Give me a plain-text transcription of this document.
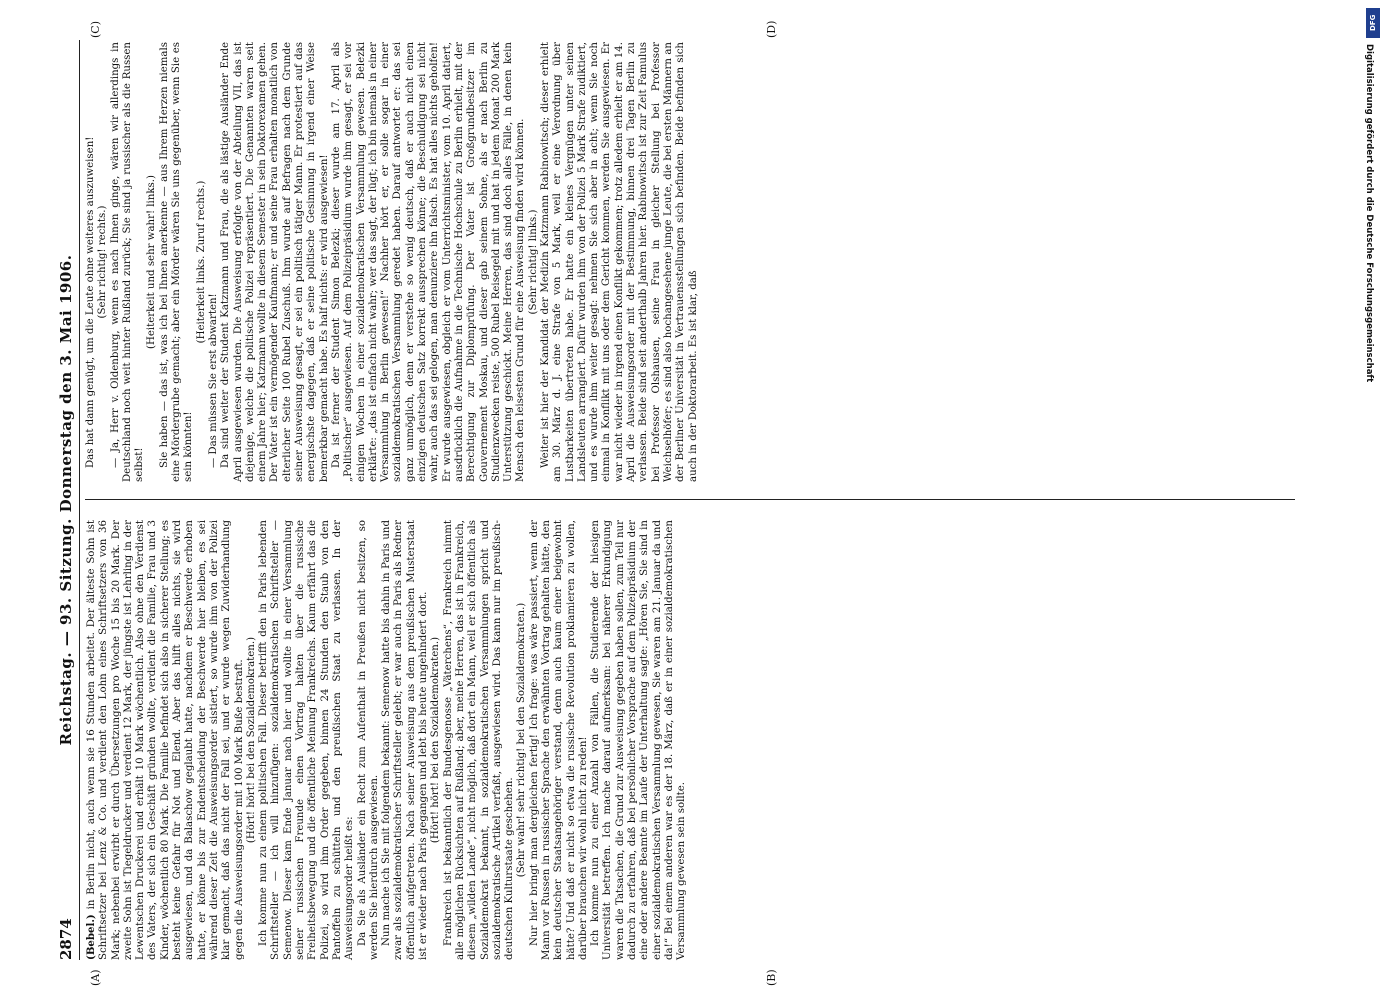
2874
Reichstag. — 93. Sitzung. Donnerstag den 3. Mai 1906.

(Bebel.) in Berlin nicht, auch wenn sie 16 Stunden arbeitet. Der älteste Sohn ist Schriftsetzer bei Lenz & Co. und verdient den Lohn eines Schriftsetzers von 36 Mark; nebenbei erwirbt er durch Übersetzungen pro Woche 15 bis 20 Mark. Der zweite Sohn ist Tiegeldrucker und verdient 12 Mark, der jüngste ist Lehrling in der Lewentschen Druckerei und erhält 10 Mark wöchentlich. Also ohne den Verdienst des Vaters, der sich ein Geschäft gründen wollte, verdient die Familie, Frau und 3 Kinder, wöchentlich 80 Mark. Die Familie befindet sich also in sicherer Stellung; es besteht keine Gefahr für Not und Elend. Aber das hilft alles nichts, sie wird ausgewiesen, und da Balaschow geglaubt hatte, nachdem er Beschwerde erhoben hatte, er könne bis zur Endentscheidung der Beschwerde hier bleiben, es sei während dieser Zeit die Ausweisungsorder sistiert, so wurde ihm von der Polizei klar gemacht, daß das nicht der Fall sei, und er wurde wegen Zuwiderhandlung gegen die Ausweisungsorder mit 100 Mark Buße bestraft. (Hört! hört! bei den Sozialdemokraten.) Ich komme nun zu einem politischen Fall. Dieser betrifft den in Paris lebenden Schriftsteller — ich will hinzufügen: sozialdemokratischen Schriftsteller — Semenow. Dieser kam Ende Januar nach hier und wollte in einer Versammlung seiner russischen Freunde einen Vortrag halten über die russische Freiheitsbewegung und die öffentliche Meinung Frankreichs. Kaum erfährt das die Polizei, so wird ihm Order gegeben, binnen 24 Stunden den Staub von den Pantoffeln zu schütteln und den preußischen Staat zu verlassen. In der Ausweisungsorder heißt es: Da Sie als Ausländer ein Recht zum Aufenthalt in Preußen nicht besitzen, so werden Sie hierdurch ausgewiesen. Nun mache ich Sie mit folgendem bekannt: Semenow hatte bis dahin in Paris und zwar als sozialdemokratischer Schriftsteller gelebt; er war auch in Paris als Redner öffentlich aufgetreten. Nach seiner Ausweisung aus dem preußischen Musterstaat ist er wieder nach Paris gegangen und lebt bis heute ungehindert dort. (Hört! hört! bei den Sozialdemokraten.) Frankreich ist bekanntlich der Bundesgenosse „Väterchens“, Frankreich nimmt alle möglichen Rücksichten auf Rußland; aber, meine Herren, das ist in Frankreich, diesem „wilden Lande“, nicht möglich, daß dort ein Mann, weil er sich öffentlich als Sozialdemokrat bekannt, in sozialdemokratischen Versammlungen spricht und sozialdemokratische Artikel verfaßt, ausgewiesen wird. Das kann nur im preußisch-deutschen Kulturstaate geschehen. (Sehr wahr! sehr richtig! bei den Sozialdemokraten.) Nur hier bringt man dergleichen fertig! Ich frage: was wäre passiert, wenn der Mann vor Russen in russischer Sprache den erwähnten Vortrag gehalten hätte, den kein deutscher Staatsangehöriger verstand, denn auch kaum einer beigewohnt hätte? Und daß er nicht so etwa die russische Revolution proklamieren zu wollen, darüber brauchen wir wohl nicht zu reden! Ich komme nun zu einer Anzahl von Fällen, die Studierende der hiesigen Universität betreffen. Ich mache darauf aufmerksam: bei näherer Erkundigung waren die Tatsachen, die Grund zur Ausweisung gegeben haben sollen, zum Teil nur dadurch zu erfahren, daß bei persönlicher Vorsprache auf dem Polizeipräsidium der eine oder andere Beamte im Laufe der Unterhaltung sagte: „Hören Sie, Sie sind in einer sozialdemokratischen Versammlung gewesen, Sie waren am 21. Januar da und da!“ Bei einem anderen war es der 18. März, daß er in einer sozialdemokratischen Versammlung gewesen sein sollte.

Das hat dann genügt, um die Leute ohne weiteres auszuweisen! (Sehr richtig! rechts.) — Ja, Herr v. Oldenburg, wenn es nach Ihnen ginge, wären wir allerdings in Deutschland noch weit hinter Rußland zurück; Sie sind ja russischer als die Russen selbst!

(Heiterkeit und sehr wahr! links.) Sie haben — das ist, was ich bei Ihnen anerkenne — aus Ihrem Herzen niemals eine Mördergrube gemacht; aber ein Mörder wären Sie uns gegenüber, wenn Sie es sein könnten!

(Heiterkeit links. Zuruf rechts.)

— Das müssen Sie erst abwarten! Da sind weiter der Student Katzmann und Frau, die als lästige Ausländer Ende April ausgewiesen wurden. Die Ausweisung erfolgte von der Abteilung VII, das ist diejenige, welche die politische Polizei repräsentiert. Die Genannten waren seit einem Jahre hier; Katzmann wollte in diesem Semester in sein Doktorexamen gehen. Der Vater ist ein vermögender Kaufmann; er und seine Frau erhalten monatlich von elterlicher Seite 100 Rubel Zuschuß. Ihm wurde auf Befragen nach dem Grunde seiner Ausweisung gesagt, er sei ein politisch tätiger Mann. Er protestiert auf das energischste dagegen, daß er seine politische Gesinnung in irgend einer Weise bemerkbar gemacht habe. Es half nichts: er wird ausgewiesen! Da ist ferner der Student Simon Belezki; dieser wurde am 17. April als „Politischer“ ausgewiesen. Auf dem Polizeipräsidium wurde ihm gesagt, er sei vor einigen Wochen in einer sozialdemokratischen Versammlung gewesen. Belezki erklärte: „das ist einfach nicht wahr; wer das sagt, der lügt; ich bin niemals in einer Versammlung in Berlin gewesen!“ Nachher hört er, er solle sogar in einer sozialdemokratischen Versammlung geredet haben. Darauf antwortet er: das sei ganz unmöglich, denn er verstehe so wenig deutsch, daß er auch nicht einen einzigen deutschen Satz korrekt aussprechen könne; die Beschuldigung sei nicht wahr, auch das sei gelogen, man denunziere ihn falsch. Es hat alles nichts geholfen! Er wurde ausgewiesen, obgleich er vom Unterrichtsminister, vom 10. April datiert, ausdrücklich die Aufnahme in die Technische Hochschule zu Berlin erhielt, mit der Berechtigung zur Diplomprüfung. Der Vater ist Großgrundbesitzer im Gouvernement Moskau, und dieser gab seinem Sohne, als er nach Berlin zu Studienzwecken reiste, 500 Rubel Reisegeld mit und hat in jedem Monat 200 Mark Unterstützung geschickt. Meine Herren, das sind doch alles Fälle, in denen kein Mensch den leisesten Grund für eine Ausweisung finden wird können. (Sehr richtig! links.) Weiter ist hier der Kandidat der Medizin Katzmann Rabinowitsch; dieser erhielt am 30. März d. J. eine Strafe von 5 Mark, weil er eine Verordnung über Lustbarkeiten übertreten habe. Er hatte ein kleines Vergnügen unter seinen Landsleuten arrangiert. Dafür wurden ihm von der Polizei 5 Mark Strafe zudiktiert, und es wurde ihm weiter gesagt: nehmen Sie sich aber in acht; wenn Sie noch einmal in Konflikt mit uns oder dem Gericht kommen, werden Sie ausgewiesen. Er war nicht wieder in irgend einen Konflikt gekommen; trotz alledem erhielt er am 14. April die Ausweisungsorder mit der Bestimmung, binnen drei Tagen Berlin zu verlassen. Beide sind seit anderthalb Jahren hier. Rabinowitsch ist zur Zeit Famulus bei Professor Olshausen, seine Frau in gleicher Stellung bei Professor Weichselhöfer; es sind also hochangesehene junge Leute, die bei ersten Männern an der Berliner Universität in Vertrauensstellungen sich befinden. Beide befinden sich auch in der Doktorarbeit. Es ist klar, daß

(A)	(B)
(C)	(D)	DFG
Digitalisierung gefördert durch die Deutsche Forschungsgemeinschaft
